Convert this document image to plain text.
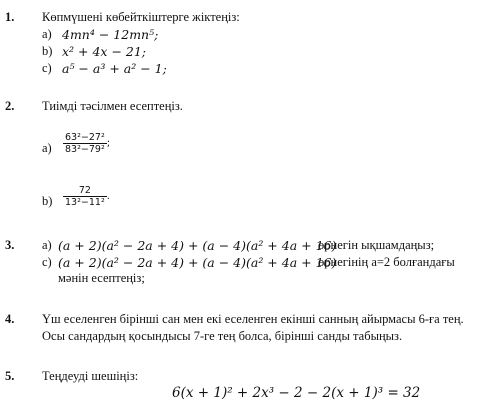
1. Көпмүшені көбейткіштерге жіктеңіз:
a) 4mn⁴ − 12mn⁵;
b) x² + 4x − 21;
c) a⁵ − a³ + a² − 1;
2. Тиімді тәсілмен есептеңіз.
$a) \frac{\text{63²−27²}}{\text{83²−79²}}$ ;
$b) \frac{72}{\text{13²−11²}}$ .
3. a) (a + 2)(a² − 2a + 4) + (a − 4)(a² + 4a + 16)
өрнегін ықшамдаңыз;
c) (a + 2)(a² − 2a + 4) + (a − 4)(a² + 4a + 16)
өрнегінің a=2 болғандағы
мәнін есептеңіз;
4. Үш еселенген бірінші сан мен екі еселенген екінші санның айырмасы 6-ға тең.
Осы сандардың қосындысы 7-ге тең болса, бірінші санды табыңыз.
5. Теңдеуді шешіңіз:
6(x + 1)² + 2x³ − 2 − 2(x + 1)³ = 32
